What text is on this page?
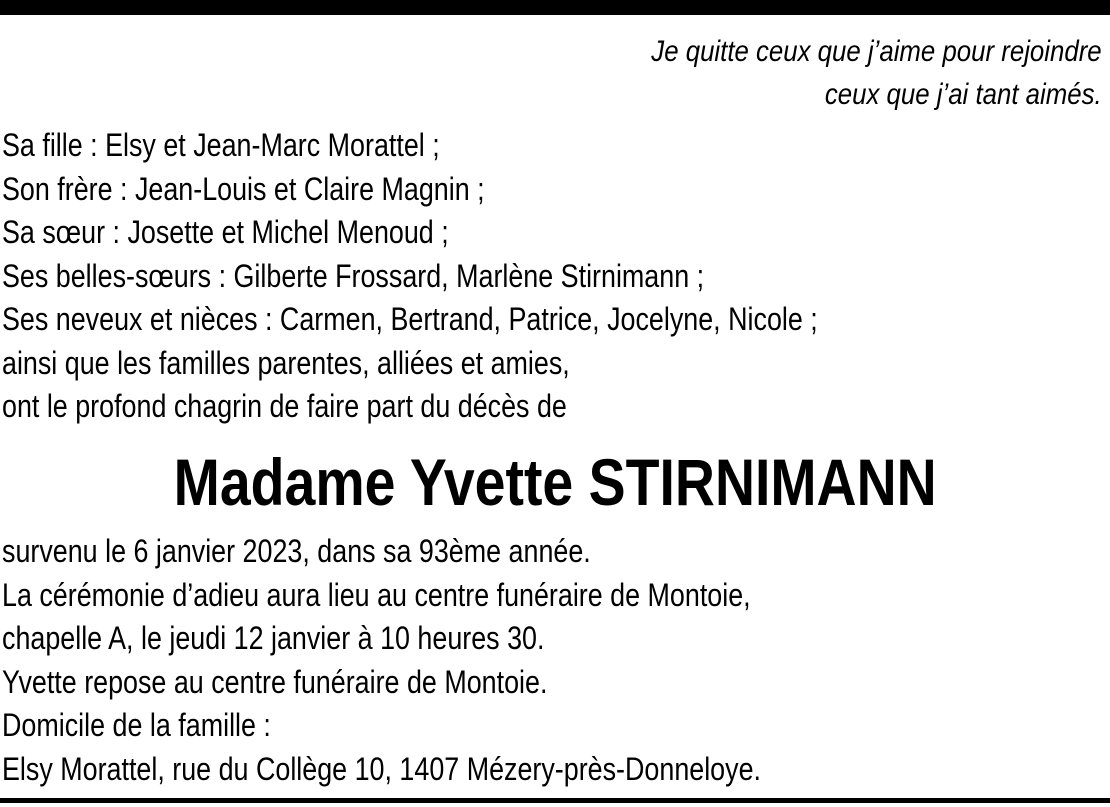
Je quitte ceux que j’aime pour rejoindre
ceux que j’ai tant aimés.
Sa fille : Elsy et Jean-Marc Morattel ;
Son frère : Jean-Louis et Claire Magnin ;
Sa sœur : Josette et Michel Menoud ;
Ses belles-sœurs : Gilberte Frossard, Marlène Stirnimann ;
Ses neveux et nièces : Carmen, Bertrand, Patrice, Jocelyne, Nicole ;
ainsi que les familles parentes, alliées et amies,
ont le profond chagrin de faire part du décès de
Madame Yvette STIRNIMANN
survenu le 6 janvier 2023, dans sa 93ème année.
La cérémonie d’adieu aura lieu au centre funéraire de Montoie,
chapelle A, le jeudi 12 janvier à 10 heures 30.
Yvette repose au centre funéraire de Montoie.
Domicile de la famille :
Elsy Morattel, rue du Collège 10, 1407 Mézery-près-Donneloye.
